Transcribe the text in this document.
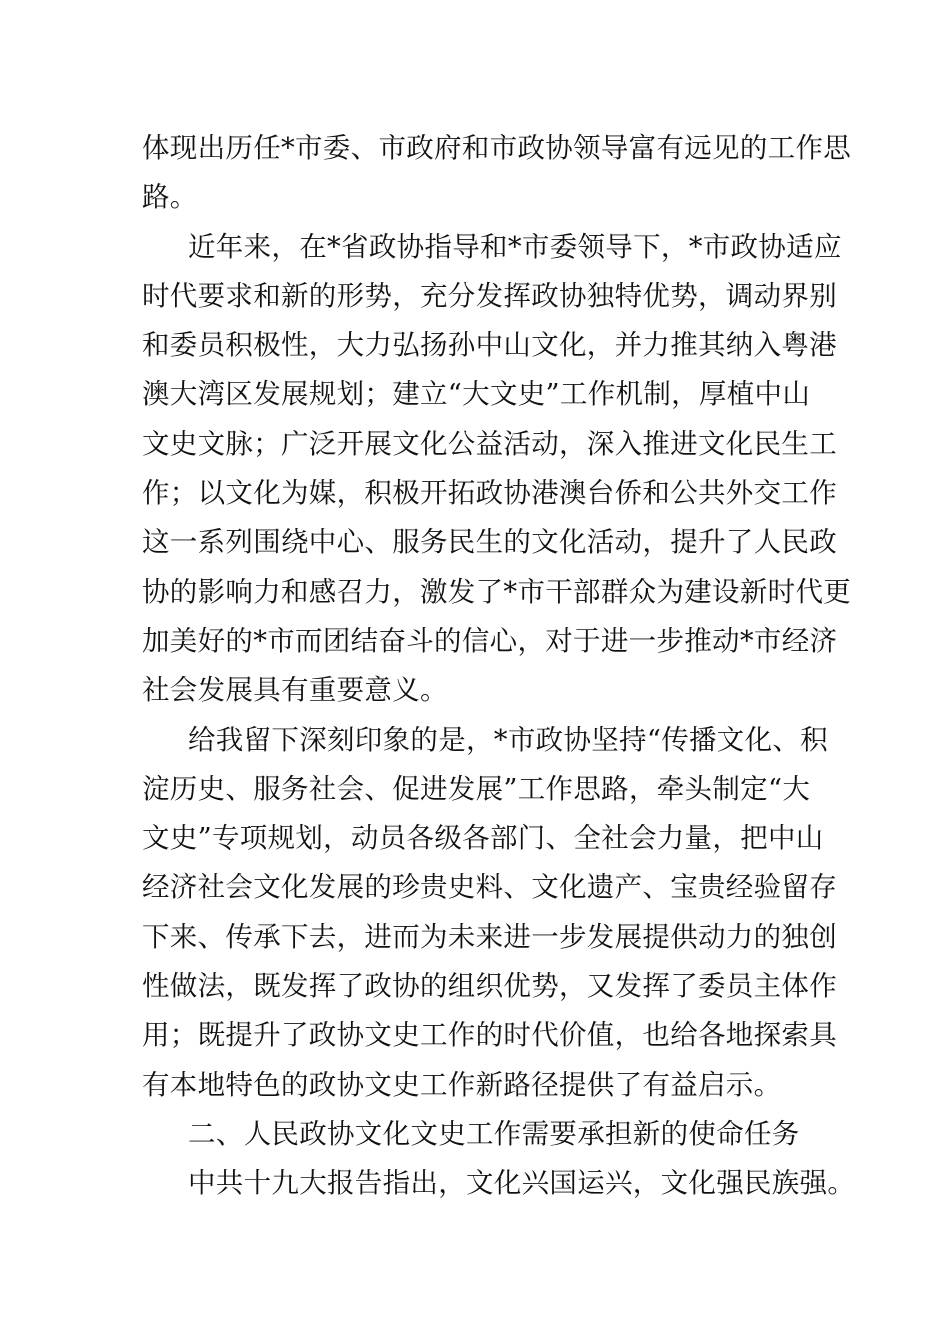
体现出历任*市委、市政府和市政协领导富有远见的工作思
路。
近年来，在*省政协指导和*市委领导下，*市政协适应
时代要求和新的形势，充分发挥政协独特优势，调动界别
和委员积极性，大力弘扬孙中山文化，并力推其纳入粤港
澳大湾区发展规划；建立“大文史”工作机制，厚植中山
文史文脉；广泛开展文化公益活动，深入推进文化民生工
作；以文化为媒，积极开拓政协港澳台侨和公共外交工作
这一系列围绕中心、服务民生的文化活动，提升了人民政
协的影响力和感召力，激发了*市干部群众为建设新时代更
加美好的*市而团结奋斗的信心，对于进一步推动*市经济
社会发展具有重要意义。
给我留下深刻印象的是，*市政协坚持“传播文化、积
淀历史、服务社会、促进发展”工作思路，牵头制定“大
文史”专项规划，动员各级各部门、全社会力量，把中山
经济社会文化发展的珍贵史料、文化遗产、宝贵经验留存
下来、传承下去，进而为未来进一步发展提供动力的独创
性做法，既发挥了政协的组织优势，又发挥了委员主体作
用；既提升了政协文史工作的时代价值，也给各地探索具
有本地特色的政协文史工作新路径提供了有益启示。
二、人民政协文化文史工作需要承担新的使命任务
中共十九大报告指出，文化兴国运兴，文化强民族强。
